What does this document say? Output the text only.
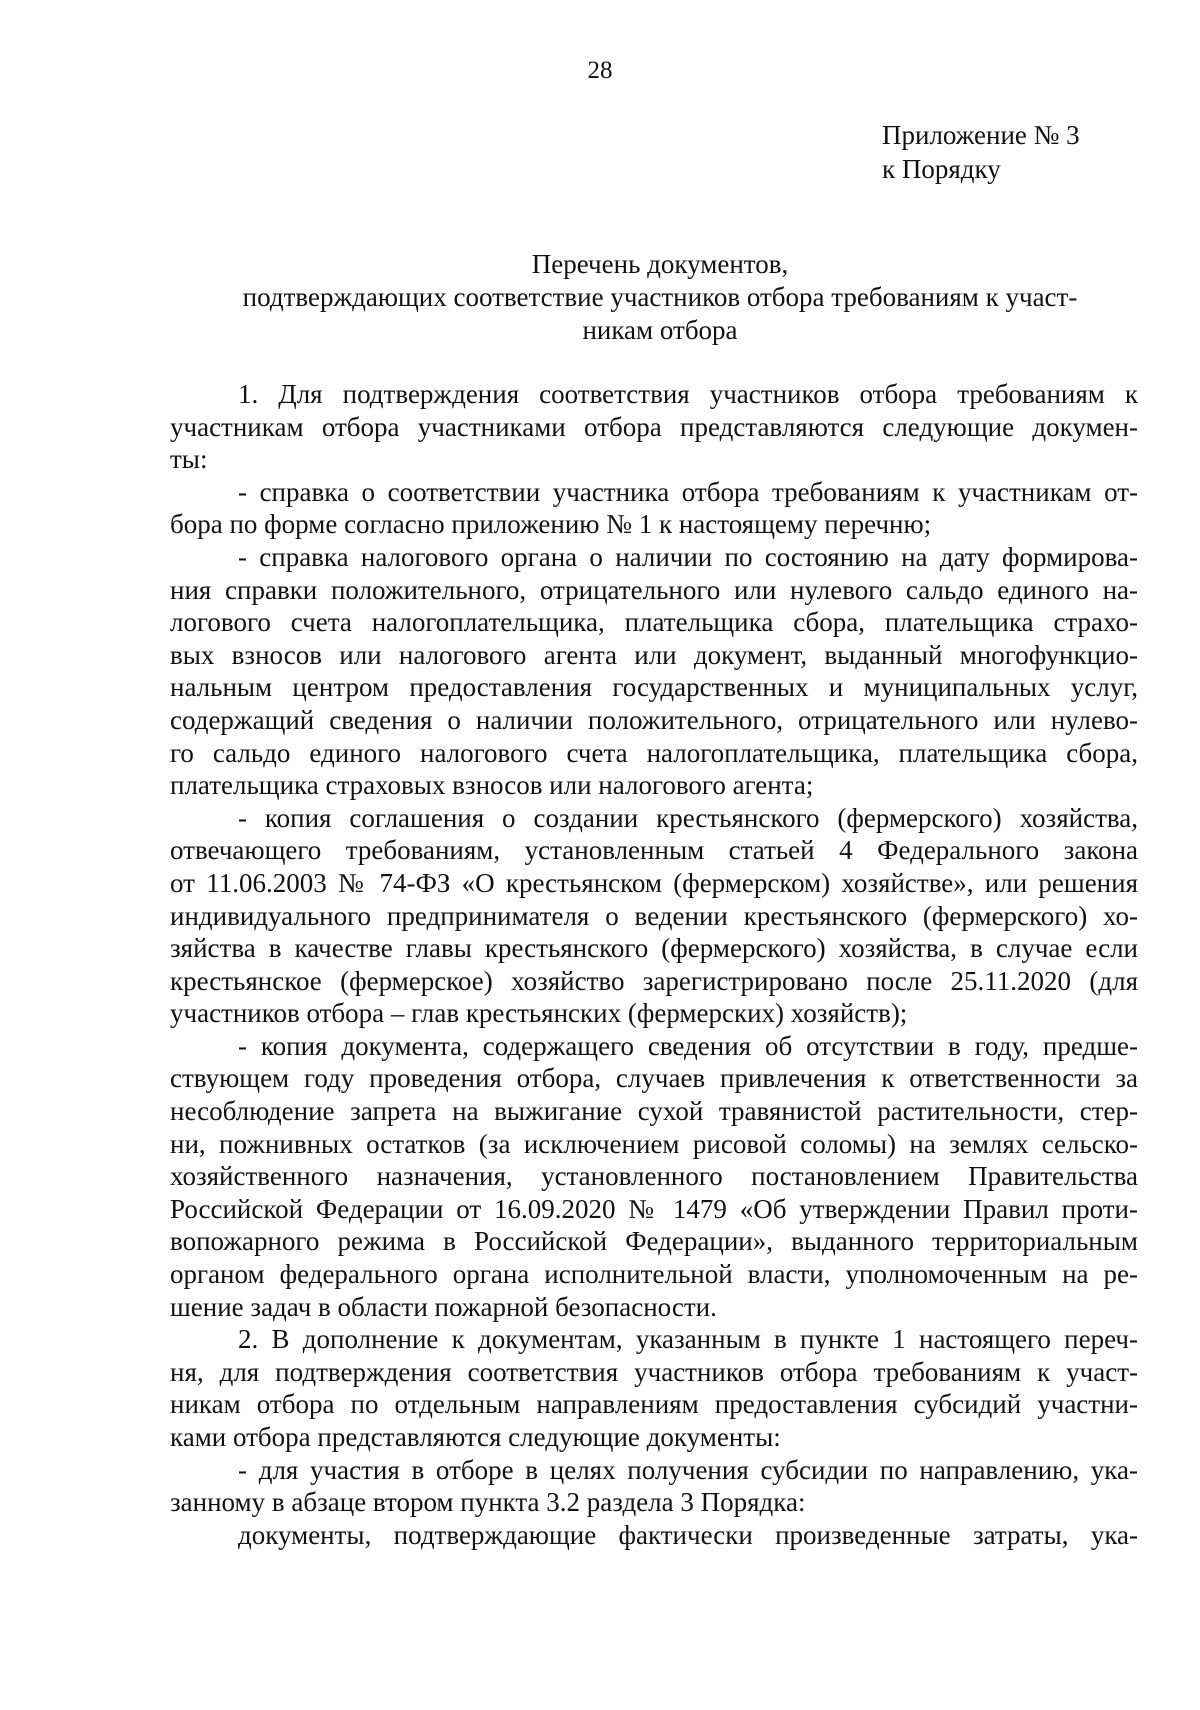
28
Приложение № 3
к Порядку
Перечень документов,
подтверждающих соответствие участников отбора требованиям к участ-
никам отбора
1. Для подтверждения соответствия участников отбора требованиям к
участникам отбора участниками отбора представляются следующие докумен-
ты:
- справка о соответствии участника отбора требованиям к участникам от-
бора по форме согласно приложению № 1 к настоящему перечню;
- справка налогового органа о наличии по состоянию на дату формирова-
ния справки положительного, отрицательного или нулевого сальдо единого на-
логового счета налогоплательщика, плательщика сбора, плательщика страхо-
вых взносов или налогового агента или документ, выданный многофункцио-
нальным центром предоставления государственных и муниципальных услуг,
содержащий сведения о наличии положительного, отрицательного или нулево-
го сальдо единого налогового счета налогоплательщика, плательщика сбора,
плательщика страховых взносов или налогового агента;
- копия соглашения о создании крестьянского (фермерского) хозяйства,
отвечающего требованиям, установленным статьей 4 Федерального закона
от 11.06.2003 № 74-ФЗ «О крестьянском (фермерском) хозяйстве», или решения
индивидуального предпринимателя о ведении крестьянского (фермерского) хо-
зяйства в качестве главы крестьянского (фермерского) хозяйства, в случае если
крестьянское (фермерское) хозяйство зарегистрировано после 25.11.2020 (для
участников отбора – глав крестьянских (фермерских) хозяйств);
- копия документа, содержащего сведения об отсутствии в году, предше-
ствующем году проведения отбора, случаев привлечения к ответственности за
несоблюдение запрета на выжигание сухой травянистой растительности, стер-
ни, пожнивных остатков (за исключением рисовой соломы) на землях сельско-
хозяйственного назначения, установленного постановлением Правительства
Российской Федерации от 16.09.2020 № 1479 «Об утверждении Правил проти-
вопожарного режима в Российской Федерации», выданного территориальным
органом федерального органа исполнительной власти, уполномоченным на ре-
шение задач в области пожарной безопасности.
2. В дополнение к документам, указанным в пункте 1 настоящего переч-
ня, для подтверждения соответствия участников отбора требованиям к участ-
никам отбора по отдельным направлениям предоставления субсидий участни-
ками отбора представляются следующие документы:
- для участия в отборе в целях получения субсидии по направлению, ука-
занному в абзаце втором пункта 3.2 раздела 3 Порядка:
документы, подтверждающие фактически произведенные затраты, ука-
